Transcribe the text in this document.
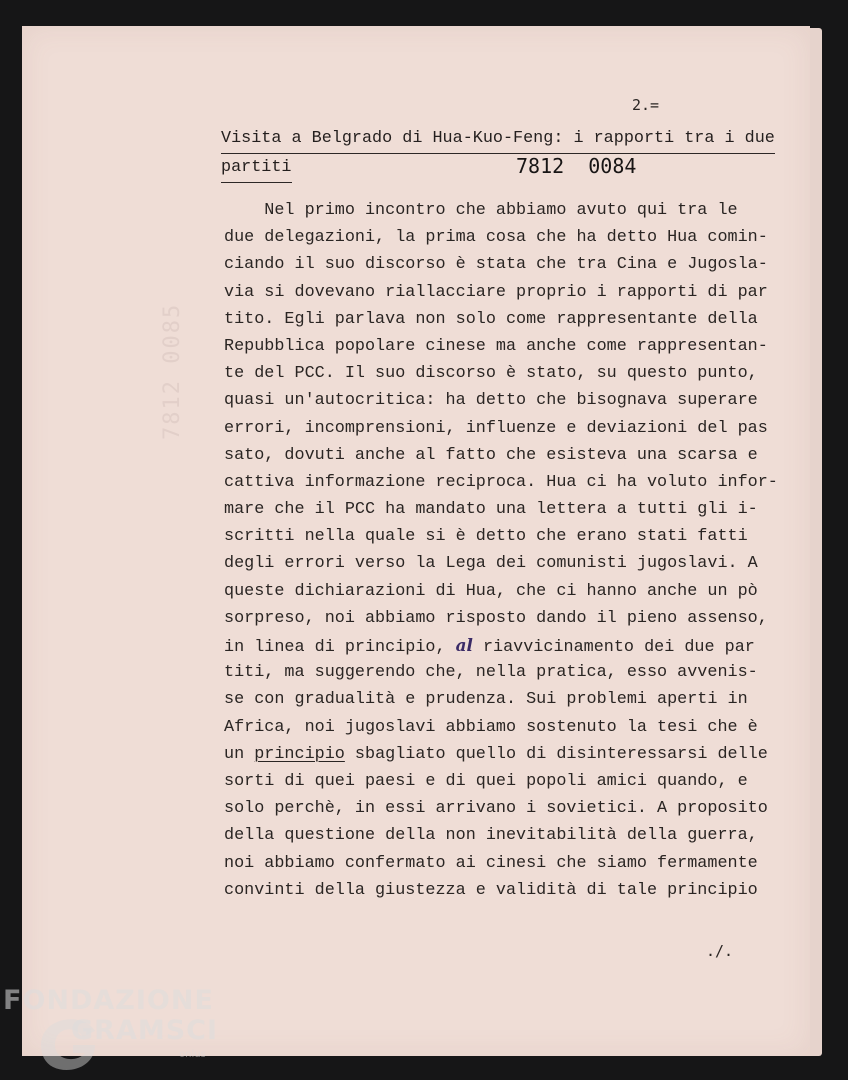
7812 0085
2.=
Visita a Belgrado di Hua-Kuo-Feng: i rapporti tra i due
partiti	7812  0084
Nel primo incontro che abbiamo avuto qui tra le
due delegazioni, la prima cosa che ha detto Hua comin-
ciando il suo discorso è stata che tra Cina e Jugosla-
via si dovevano riallacciare proprio i rapporti di par
tito. Egli parlava non solo come rappresentante della
Repubblica popolare cinese ma anche come rappresentan-
te del PCC. Il suo discorso è stato, su questo punto,
quasi un'autocritica: ha detto che bisognava superare
errori, incomprensioni, influenze e deviazioni del pas
sato, dovuti anche al fatto che esisteva una scarsa e
cattiva informazione reciproca. Hua ci ha voluto infor-
mare che il PCC ha mandato una lettera a tutti gli i-
scritti nella quale si è detto che erano stati fatti
degli errori verso la Lega dei comunisti jugoslavi. A
queste dichiarazioni di Hua, che ci hanno anche un pò
sorpreso, noi abbiamo risposto dando il pieno assenso,
in linea di principio, al riavvicinamento dei due par
titi, ma suggerendo che, nella pratica, esso avvenis-
se con gradualità e prudenza. Sui problemi aperti in
Africa, noi jugoslavi abbiamo sostenuto la tesi che è
un principio sbagliato quello di disinteressarsi delle
sorti di quei paesi e di quei popoli amici quando, e
solo perchè, in essi arrivano i sovietici. A proposito
della questione della non inevitabilità della guerra,
noi abbiamo confermato ai cinesi che siamo fermamente
convinti della giustezza e validità di tale principio
./.
FONDAZIONE
GRAMSCI
onlus
